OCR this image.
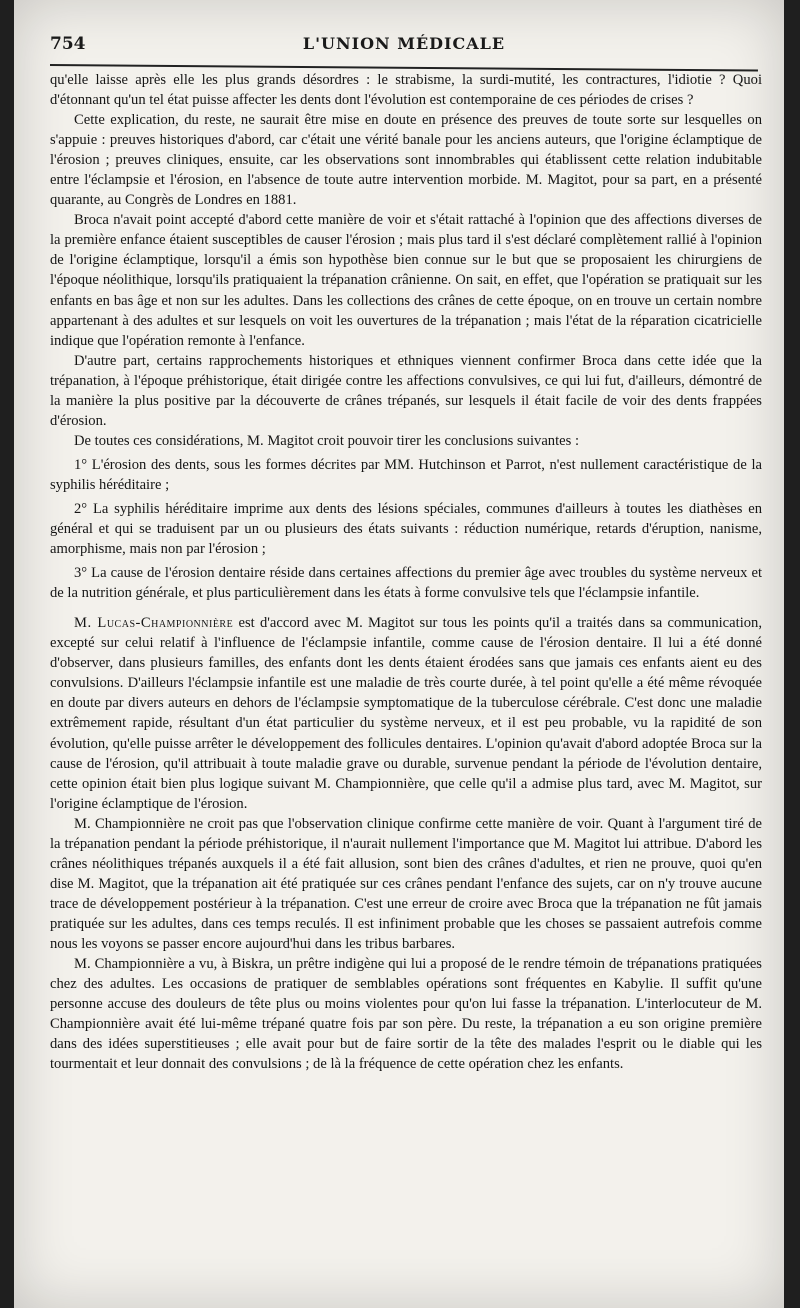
754	L'UNION MÉDICALE

qu'elle laisse après elle les plus grands désordres : le strabisme, la surdi-mutité, les contractures, l'idiotie ? Quoi d'étonnant qu'un tel état puisse affecter les dents dont l'évolution est contemporaine de ces périodes de crises ?

Cette explication, du reste, ne saurait être mise en doute en présence des preuves de toute sorte sur lesquelles on s'appuie : preuves historiques d'abord, car c'était une vérité banale pour les anciens auteurs, que l'origine éclamptique de l'érosion ; preuves cliniques, ensuite, car les observations sont innombrables qui établissent cette relation indubitable entre l'éclampsie et l'érosion, en l'absence de toute autre intervention morbide. M. Magitot, pour sa part, en a présenté quarante, au Congrès de Londres en 1881.

Broca n'avait point accepté d'abord cette manière de voir et s'était rattaché à l'opinion que des affections diverses de la première enfance étaient susceptibles de causer l'érosion ; mais plus tard il s'est déclaré complètement rallié à l'opinion de l'origine éclamptique, lorsqu'il a émis son hypothèse bien connue sur le but que se proposaient les chirurgiens de l'époque néolithique, lorsqu'ils pratiquaient la trépanation crânienne. On sait, en effet, que l'opération se pratiquait sur les enfants en bas âge et non sur les adultes. Dans les collections des crânes de cette époque, on en trouve un certain nombre appartenant à des adultes et sur lesquels on voit les ouvertures de la trépanation ; mais l'état de la réparation cicatricielle indique que l'opération remonte à l'enfance.

D'autre part, certains rapprochements historiques et ethniques viennent confirmer Broca dans cette idée que la trépanation, à l'époque préhistorique, était dirigée contre les affections convulsives, ce qui lui fut, d'ailleurs, démontré de la manière la plus positive par la découverte de crânes trépanés, sur lesquels il était facile de voir des dents frappées d'érosion.

De toutes ces considérations, M. Magitot croit pouvoir tirer les conclusions suivantes :

1° L'érosion des dents, sous les formes décrites par MM. Hutchinson et Parrot, n'est nullement caractéristique de la syphilis héréditaire ;

2° La syphilis héréditaire imprime aux dents des lésions spéciales, communes d'ailleurs à toutes les diathèses en général et qui se traduisent par un ou plusieurs des états suivants : réduction numérique, retards d'éruption, nanisme, amorphisme, mais non par l'érosion ;

3° La cause de l'érosion dentaire réside dans certaines affections du premier âge avec troubles du système nerveux et de la nutrition générale, et plus particulièrement dans les états à forme convulsive tels que l'éclampsie infantile.

M. Lucas-Championnière est d'accord avec M. Magitot sur tous les points qu'il a traités dans sa communication, excepté sur celui relatif à l'influence de l'éclampsie infantile, comme cause de l'érosion dentaire. Il lui a été donné d'observer, dans plusieurs familles, des enfants dont les dents étaient érodées sans que jamais ces enfants aient eu des convulsions. D'ailleurs l'éclampsie infantile est une maladie de très courte durée, à tel point qu'elle a été même révoquée en doute par divers auteurs en dehors de l'éclampsie symptomatique de la tuberculose cérébrale. C'est donc une maladie extrêmement rapide, résultant d'un état particulier du système nerveux, et il est peu probable, vu la rapidité de son évolution, qu'elle puisse arrêter le développement des follicules dentaires. L'opinion qu'avait d'abord adoptée Broca sur la cause de l'érosion, qu'il attribuait à toute maladie grave ou durable, survenue pendant la période de l'évolution dentaire, cette opinion était bien plus logique suivant M. Championnière, que celle qu'il a admise plus tard, avec M. Magitot, sur l'origine éclamptique de l'érosion.

M. Championnière ne croit pas que l'observation clinique confirme cette manière de voir. Quant à l'argument tiré de la trépanation pendant la période préhistorique, il n'aurait nullement l'importance que M. Magitot lui attribue. D'abord les crânes néolithiques trépanés auxquels il a été fait allusion, sont bien des crânes d'adultes, et rien ne prouve, quoi qu'en dise M. Magitot, que la trépanation ait été pratiquée sur ces crânes pendant l'enfance des sujets, car on n'y trouve aucune trace de développement postérieur à la trépanation. C'est une erreur de croire avec Broca que la trépanation ne fût jamais pratiquée sur les adultes, dans ces temps reculés. Il est infiniment probable que les choses se passaient autrefois comme nous les voyons se passer encore aujourd'hui dans les tribus barbares.

M. Championnière a vu, à Biskra, un prêtre indigène qui lui a proposé de le rendre témoin de trépanations pratiquées chez des adultes. Les occasions de pratiquer de semblables opérations sont fréquentes en Kabylie. Il suffit qu'une personne accuse des douleurs de tête plus ou moins violentes pour qu'on lui fasse la trépanation. L'interlocuteur de M. Championnière avait été lui-même trépané quatre fois par son père. Du reste, la trépanation a eu son origine première dans des idées superstitieuses ; elle avait pour but de faire sortir de la tête des malades l'esprit ou le diable qui les tourmentait et leur donnait des convulsions ; de là la fréquence de cette opération chez les enfants.
